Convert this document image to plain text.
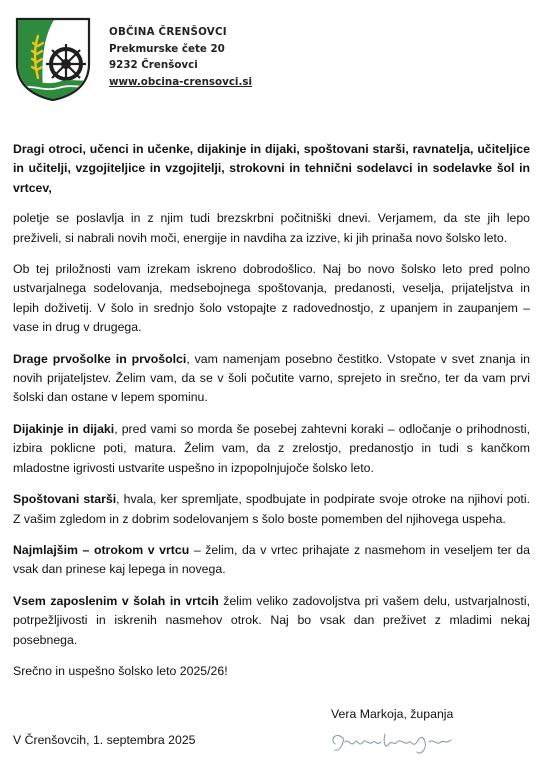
OBČINA ČRENŠOVCI
Prekmurske čete 20
9232 Črenšovci
www.obcina-crensovci.si

Dragi otroci, učenci in učenke, dijakinje in dijaki, spoštovani starši, ravnatelja, učiteljice in učitelji, vzgojiteljice in vzgojitelji, strokovni in tehnični sodelavci in sodelavke šol in vrtcev,

poletje se poslavlja in z njim tudi brezskrbni počitniški dnevi. Verjamem, da ste jih lepo preživeli, si nabrali novih moči, energije in navdiha za izzive, ki jih prinaša novo šolsko leto.

Ob tej priložnosti vam izrekam iskreno dobrodošlico. Naj bo novo šolsko leto pred polno ustvarjalnega sodelovanja, medsebojnega spoštovanja, predanosti, veselja, prijateljstva in lepih doživetij. V šolo in srednjo šolo vstopajte z radovednostjo, z upanjem in zaupanjem – vase in drug v drugega.

Drage prvošolke in prvošolci, vam namenjam posebno čestitko. Vstopate v svet znanja in novih prijateljstev. Želim vam, da se v šoli počutite varno, sprejeto in srečno, ter da vam prvi šolski dan ostane v lepem spominu.

Dijakinje in dijaki, pred vami so morda še posebej zahtevni koraki – odločanje o prihodnosti, izbira poklicne poti, matura. Želim vam, da z zrelostjo, predanostjo in tudi s kančkom mladostne igrivosti ustvarite uspešno in izpopolnjujoče šolsko leto.

Spoštovani starši, hvala, ker spremljate, spodbujate in podpirate svoje otroke na njihovi poti. Z vašim zgledom in z dobrim sodelovanjem s šolo boste pomemben del njihovega uspeha.

Najmlajšim – otrokom v vrtcu – želim, da v vrtec prihajate z nasmehom in veseljem ter da vsak dan prinese kaj lepega in novega.

Vsem zaposlenim v šolah in vrtcih želim veliko zadovoljstva pri vašem delu, ustvarjalnosti, potrpežljivosti in iskrenih nasmehov otrok. Naj bo vsak dan preživet z mladimi nekaj posebnega.

Srečno in uspešno šolsko leto 2025/26!

Vera Markoja, županja
V Črenšovcih, 1. septembra 2025
